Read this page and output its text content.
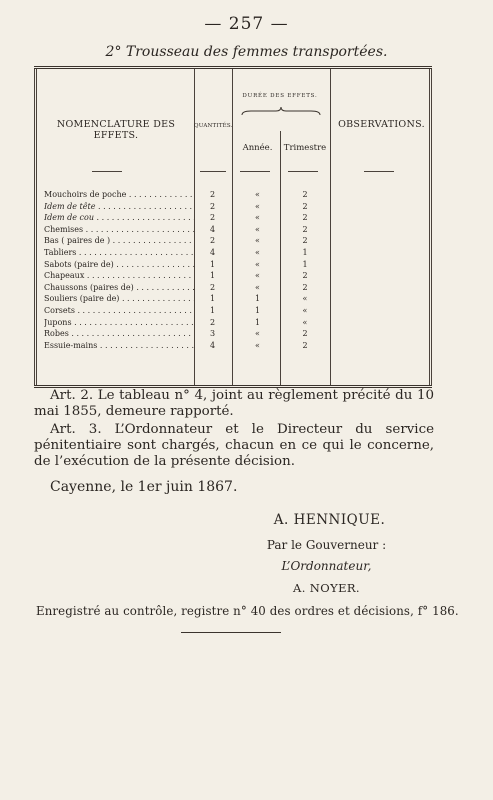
— 257 —
2° Trousseau des femmes transportées.
NOMENCLATURE DES EFFETS.
QUANTITÉS.
DURÉE DES EFFETS.
Année.	Trimestre
OBSERVATIONS.
Mouchoirs de poche . . .	2	«	2
Idem de tête . . .	2	«	2
Idem de cou . . .	2	«	2
Chemises . . .	4	«	2
Bas ( paires de ) . . .	2	«	2
Tabliers . . .	4	«	1
Sabots (paire de) . . .	1	«	1
Chapeaux . . .	1	«	2
Chaussons (paires de) . . .	2	«	2
Souliers (paire de) . . .	1	1	«
Corsets . . .	1	1	«
Jupons . . .	2	1	«
Robes . . .	3	«	2
Essuie-mains . . .	4	«	2
Art. 2. Le tableau n° 4, joint au règlement précité du 10 mai 1855, demeure rapporté.
Art. 3. L’Ordonnateur et le Directeur du service pénitentiaire sont chargés, chacun en ce qui le concerne, de l’exécution de la présente décision.
Cayenne, le 1er juin 1867.
A. HENNIQUE.
Par le Gouverneur :
L’Ordonnateur,
A. NOYER.
Enregistré au contrôle, registre n° 40 des ordres et décisions, f° 186.
